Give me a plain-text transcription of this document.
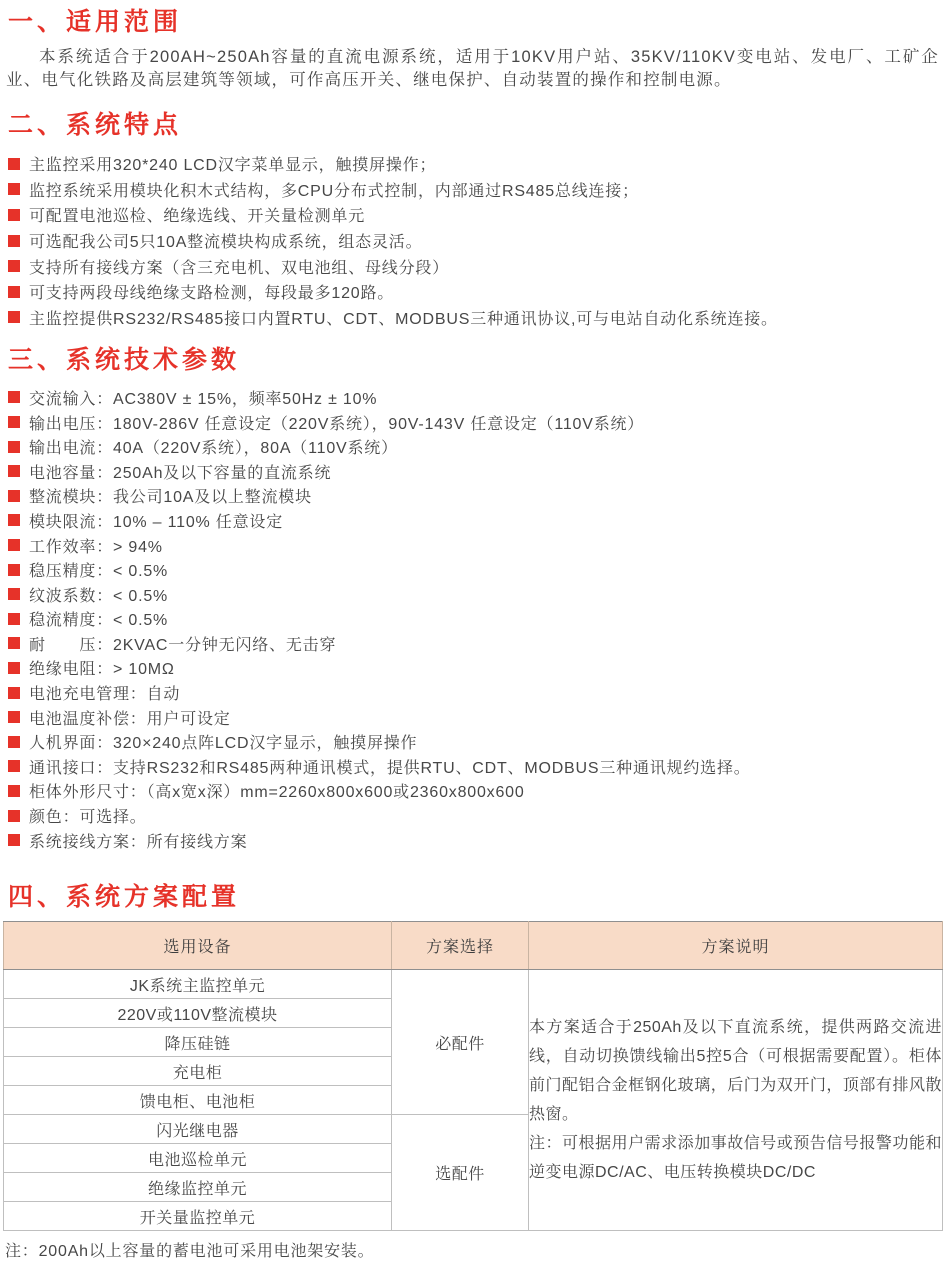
一、适用范围

本系统适合于200AH~250Ah容量的直流电源系统，适用于10KV用户站、35KV/110KV变电站、发电厂、工矿企业、电气化铁路及高层建筑等领域，可作高压开关、继电保护、自动装置的操作和控制电源。

二、系统特点
主监控采用320*240 LCD汉字菜单显示，触摸屏操作；
监控系统采用模块化积木式结构，多CPU分布式控制，内部通过RS485总线连接；
可配置电池巡检、绝缘选线、开关量检测单元
可选配我公司5只10A整流模块构成系统，组态灵活。
支持所有接线方案（含三充电机、双电池组、母线分段）
可支持两段母线绝缘支路检测，每段最多120路。
主监控提供RS232/RS485接口内置RTU、CDT、MODBUS三种通讯协议,可与电站自动化系统连接。
三、系统技术参数
交流输入：AC380V ± 15%，频率50Hz ± 10%
输出电压：180V-286V 任意设定（220V系统），90V-143V 任意设定（110V系统）
输出电流：40A（220V系统），80A（110V系统）
电池容量：250Ah及以下容量的直流系统
整流模块：我公司10A及以上整流模块
模块限流：10% – 110% 任意设定
工作效率：> 94%
稳压精度：< 0.5%
纹波系数：< 0.5%
稳流精度：< 0.5%
耐　　压：2KVAC一分钟无闪络、无击穿
绝缘电阻：> 10MΩ
电池充电管理：自动
电池温度补偿：用户可设定
人机界面：320×240点阵LCD汉字显示，触摸屏操作
通讯接口：支持RS232和RS485两种通讯模式，提供RTU、CDT、MODBUS三种通讯规约选择。
柜体外形尺寸：（高x宽x深）mm=2260x800x600或2360x800x600
颜色：可选择。
系统接线方案：所有接线方案
四、系统方案配置
选用设备	方案选择	方案说明
JK系统主监控单元	必配件	本方案适合于250Ah及以下直流系统，提供两路交流进线，自动切换馈线输出5控5合（可根据需要配置）。柜体前门配铝合金框钢化玻璃，后门为双开门，顶部有排风散热窗。

注：可根据用户需求添加事故信号或预告信号报警功能和逆变电源DC/AC、电压转换模块DC/DC

220V或110V整流模块		
降压硅链		
充电柜		
馈电柜、电池柜		
闪光继电器	选配件	
电池巡检单元		
绝缘监控单元		
开关量监控单元		

注：200Ah以上容量的蓄电池可采用电池架安装。
